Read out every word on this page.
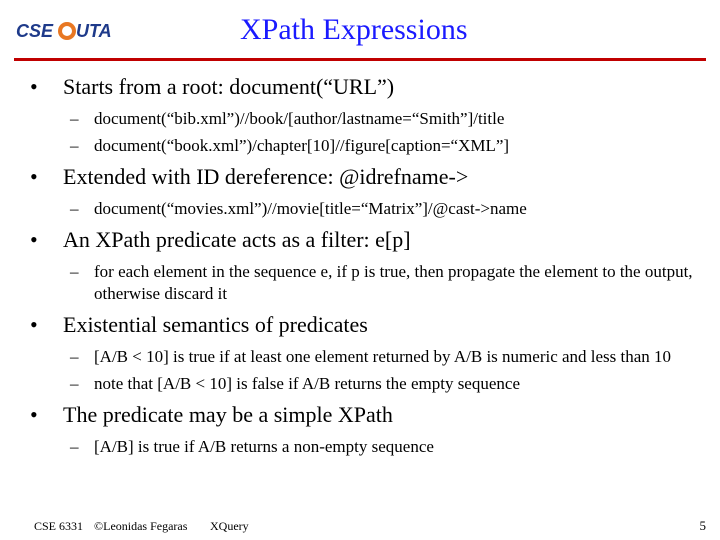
CSE UTA	XPath Expressions
• Starts from a root: document(“URL”)
– document(“bib.xml”)//book/[author/lastname=“Smith”]/title
– document(“book.xml”)/chapter[10]//figure[caption=“XML”]
• Extended with ID dereference: @idrefname->
– document(“movies.xml”)//movie[title=“Matrix”]/@cast->name
• An XPath predicate acts as a filter: e[p]
– for each element in the sequence e, if p is true, then propagate the element to the output, otherwise discard it
• Existential semantics of predicates
– [A/B < 10] is true if at least one element returned by A/B is numeric and less than 10
– note that [A/B < 10] is false if A/B returns the empty sequence
• The predicate may be a simple XPath
– [A/B] is true if A/B returns a non-empty sequence
CSE 6331 ©Leonidas Fegaras XQuery	5
